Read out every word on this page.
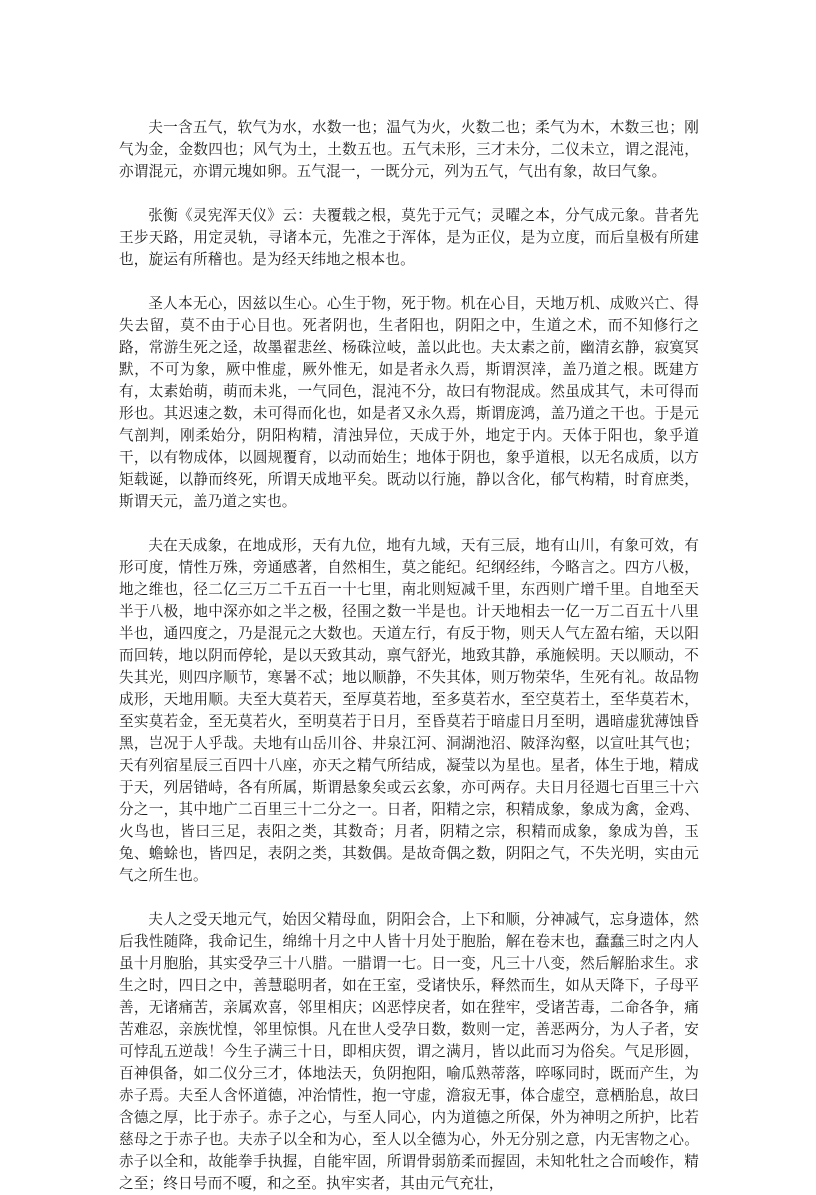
夫一含五气，软气为水，水数一也；温气为火，火数二也；柔气为木，木数三也；刚气为金，金数四也；风气为土，土数五也。五气未形，三才未分，二仪未立，谓之混沌，亦谓混元，亦谓元塊如卵。五气混一，一既分元，列为五气，气出有象，故曰气象。

张衡《灵宪浑天仪》云：夫覆载之根，莫先于元气；灵曜之本，分气成元象。昔者先王步天路，用定灵轨，寻诸本元，先准之于浑体，是为正仪，是为立度，而后皇极有所建也，旋运有所稽也。是为经天纬地之根本也。

圣人本无心，因兹以生心。心生于物，死于物。机在心目，天地万机、成败兴亡、得失去留，莫不由于心目也。死者阴也，生者阳也，阴阳之中，生道之术，而不知修行之路，常游生死之迳，故墨翟悲丝、杨硃泣岐，盖以此也。夫太素之前，幽清玄静，寂寞冥默，不可为象，厥中惟虚，厥外惟无，如是者永久焉，斯谓溟涬，盖乃道之根。既建方有，太素始萌，萌而未兆，一气同色，混沌不分，故曰有物混成。然虽成其气，未可得而形也。其迟速之数，未可得而化也，如是者又永久焉，斯谓庞鸿，盖乃道之干也。于是元气剖判，刚柔始分，阴阳构精，清浊异位，天成于外，地定于内。天体于阳也，象乎道干，以有物成体，以圆规覆育，以动而始生；地体于阴也，象乎道根，以无名成质，以方矩载诞，以静而终死，所谓天成地平矣。既动以行施，静以含化，郁气构精，时育庶类，斯谓天元，盖乃道之实也。

夫在天成象，在地成形，天有九位，地有九域，天有三辰，地有山川，有象可效，有形可度，情性万殊，旁通感著，自然相生，莫之能纪。纪纲经纬，今略言之。四方八极，地之维也，径二亿三万二千五百一十七里，南北则短减千里，东西则广增千里。自地至天半于八极，地中深亦如之半之极，径围之数一半是也。计天地相去一亿一万二百五十八里半也，通四度之，乃是混元之大数也。天道左行，有反于物，则天人气左盈右缩，天以阳而回转，地以阴而停轮，是以天致其动，禀气舒光，地致其静，承施候明。天以顺动，不失其光，则四序顺节，寒暑不忒；地以顺静，不失其体，则万物荣华，生死有礼。故品物成形，天地用顺。夫至大莫若天，至厚莫若地，至多莫若水，至空莫若土，至华莫若木，至实莫若金，至无莫若火，至明莫若于日月，至昏莫若于暗虚日月至明，遇暗虚犹薄蚀昏黑，岂况于人乎哉。夫地有山岳川谷、井泉江河、洞湖池沼、陂泽沟壑，以宣吐其气也；天有列宿星辰三百四十八座，亦天之精气所结成，凝莹以为星也。星者，体生于地，精成于天，列居错峙，各有所属，斯谓悬象矣或云玄象，亦可两存。夫日月径週七百里三十六分之一，其中地广二百里三十二分之一。日者，阳精之宗，积精成象，象成为禽，金鸡、火鸟也，皆曰三足，表阳之类，其数奇；月者，阴精之宗，积精而成象，象成为兽，玉兔、蟾蜍也，皆四足，表阴之类，其数偶。是故奇偶之数，阴阳之气，不失光明，实由元气之所生也。

夫人之受天地元气，始因父精母血，阴阳会合，上下和顺，分神减气，忘身遗体，然后我性随降，我命记生，绵绵十月之中人皆十月处于胞胎，解在卷末也，蠢蠢三时之内人虽十月胞胎，其实受孕三十八腊。一腊谓一七。日一变，凡三十八变，然后解胎求生。求生之时，四日之中，善慧聪明者，如在王室，受诸快乐，释然而生，如从天降下，子母平善，无诸痛苦，亲属欢喜，邻里相庆；凶恶悖戾者，如在狴牢，受诸苦毒，二命各争，痛苦难忍，亲族忧惶，邻里惊惧。凡在世人受孕日数，数则一定，善恶两分，为人子者，安可悖乱五逆哉！今生子满三十日，即相庆贺，谓之满月，皆以此而习为俗矣。气足形圆，百神俱备，如二仪分三才，体地法天，负阴抱阳，喻瓜熟蒂落，啐啄同时，既而产生，为赤子焉。夫至人含怀道德，冲治情性，抱一守虚，澹寂无事，体合虚空，意栖胎息，故曰含德之厚，比于赤子。赤子之心，与至人同心，内为道德之所保，外为神明之所护，比若慈母之于赤子也。夫赤子以全和为心，至人以全德为心，外无分别之意，内无害物之心。赤子以全和，故能拳手执握，自能牢固，所谓骨弱筋柔而握固，未知牝牡之合而峻作，精之至；终日号而不嗄，和之至。执牢实者，其由元气充壮，
